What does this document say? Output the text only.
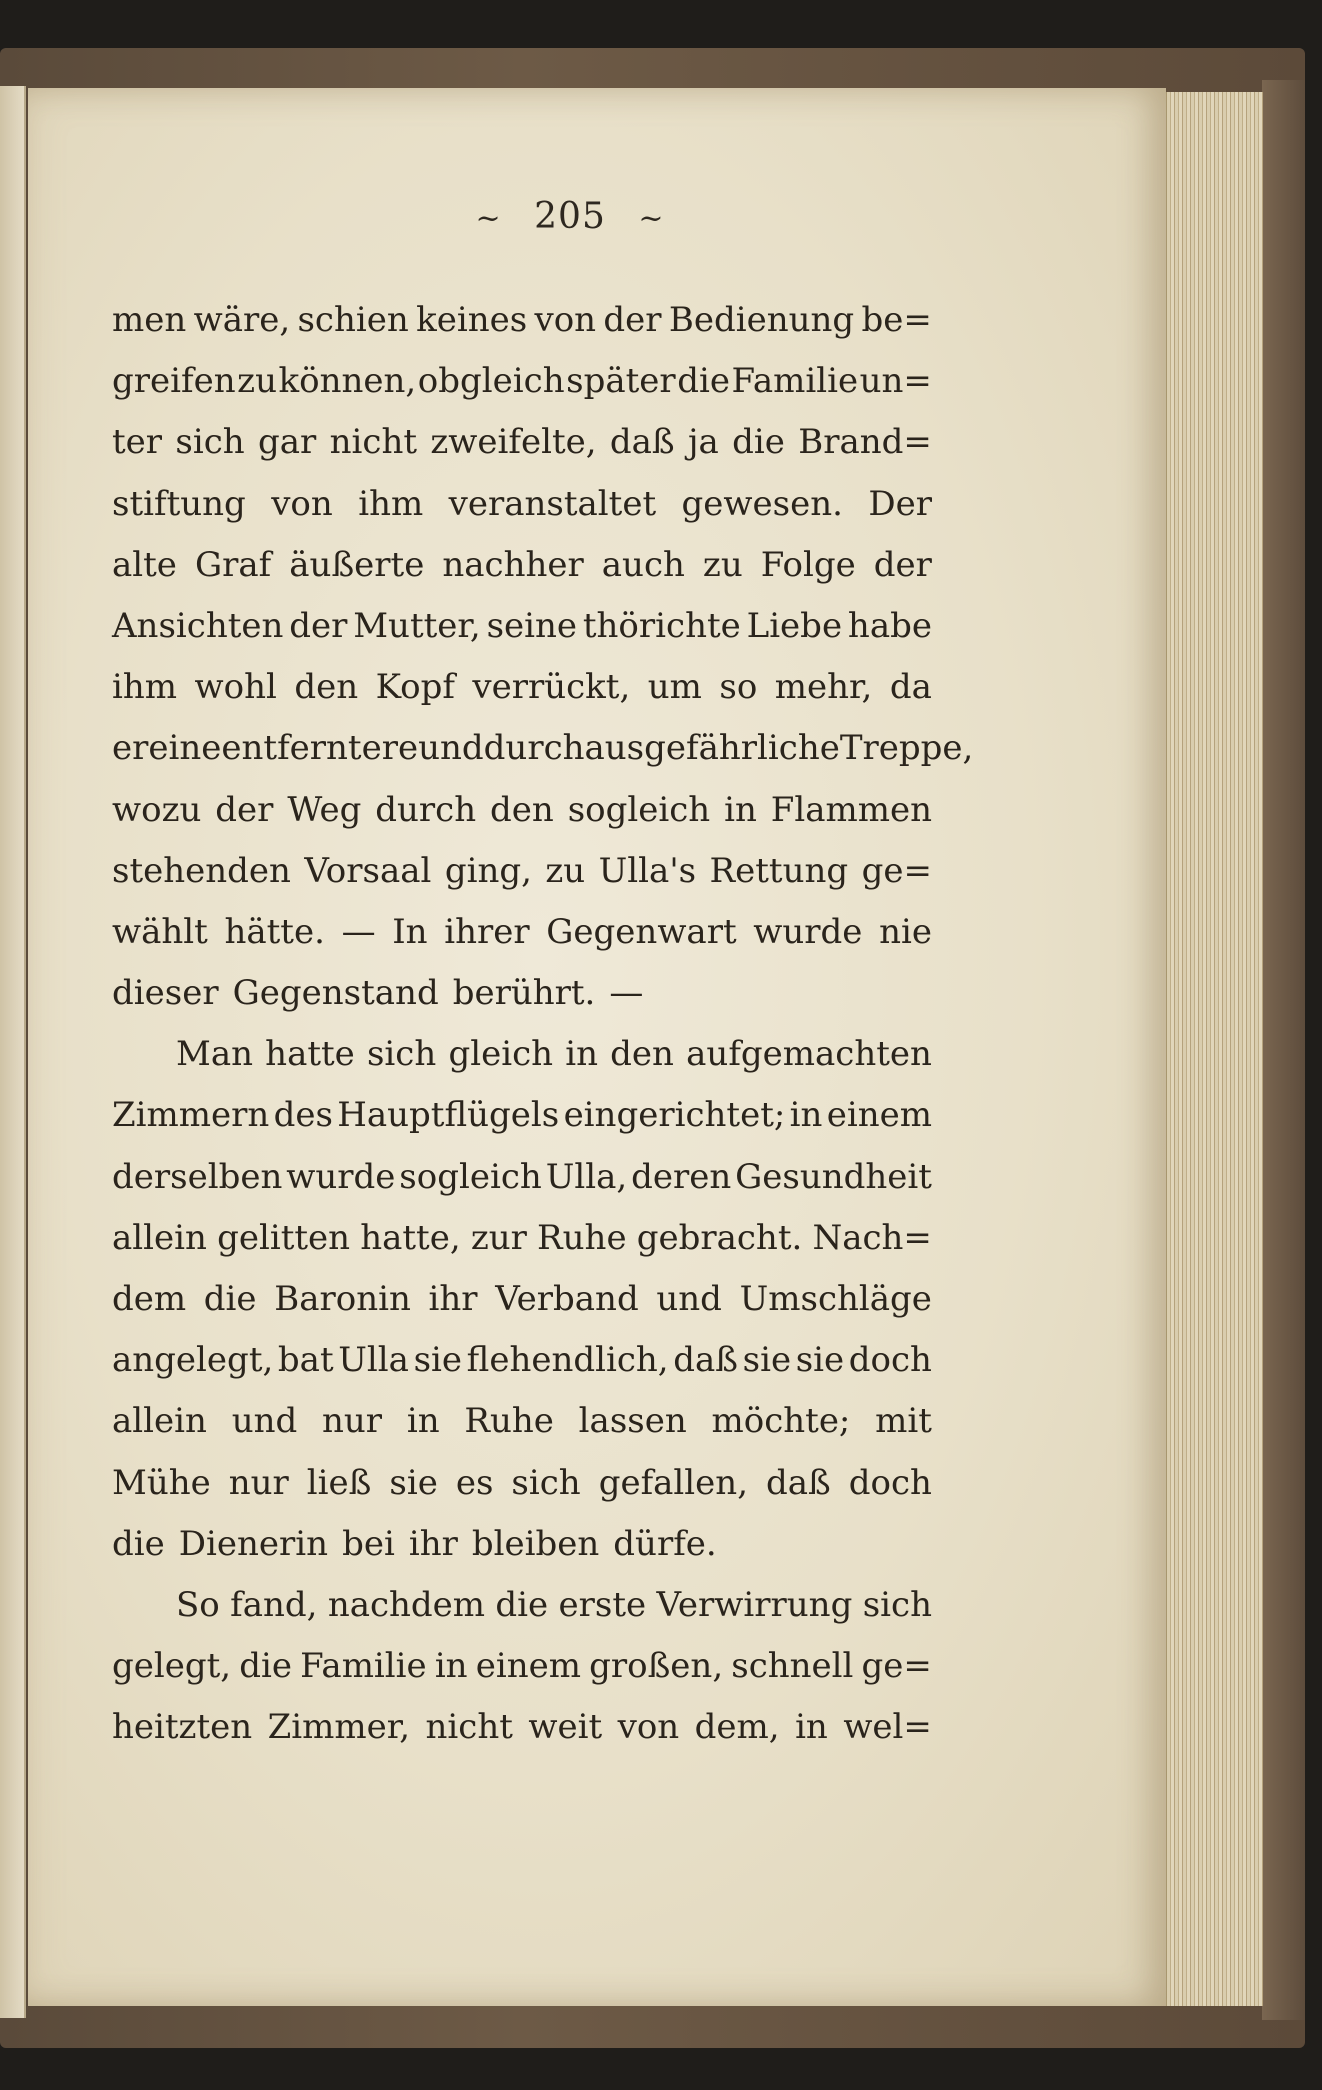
~ 205 ~
men wäre, schien keines von der Bedienung be=
greifen zu können, obgleich später die Familie un=
ter sich gar nicht zweifelte, daß ja die Brand=
stiftung von ihm veranstaltet gewesen. Der
alte Graf äußerte nachher auch zu Folge der
Ansichten der Mutter, seine thörichte Liebe habe
ihm wohl den Kopf verrückt, um so mehr, da
er eine entferntere und durchaus gefährliche Treppe,
wozu der Weg durch den sogleich in Flammen
stehenden Vorsaal ging, zu Ulla's Rettung ge=
wählt hätte. — In ihrer Gegenwart wurde nie
dieser Gegenstand berührt. —
Man hatte sich gleich in den aufgemachten
Zimmern des Hauptflügels eingerichtet; in einem
derselben wurde sogleich Ulla, deren Gesundheit
allein gelitten hatte, zur Ruhe gebracht. Nach=
dem die Baronin ihr Verband und Umschläge
angelegt, bat Ulla sie flehendlich, daß sie sie doch
allein und nur in Ruhe lassen möchte; mit
Mühe nur ließ sie es sich gefallen, daß doch
die Dienerin bei ihr bleiben dürfe.
So fand, nachdem die erste Verwirrung sich
gelegt, die Familie in einem großen, schnell ge=
heitzten Zimmer, nicht weit von dem, in wel=
